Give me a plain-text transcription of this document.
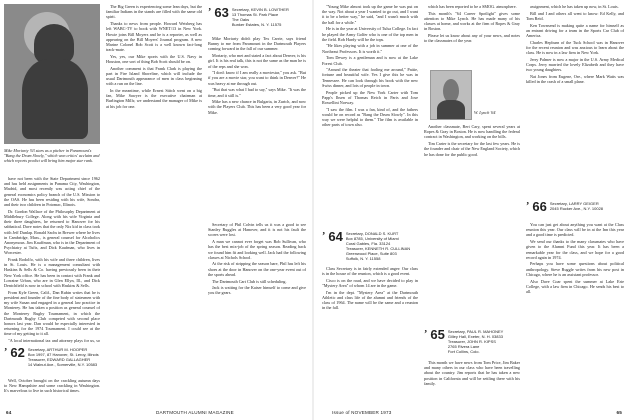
Mike Moriarty '63 stars as a pitcher in Paramount's "Bang the Drum Slowly," which won critics' acclaim and which reports predict will bring him major star rank.

have not been with the State Department since 1962 and has held assignments in Panama City, Washington, Madrid, and most recently was acting chief of the general economics policy branch of the U.S. Mission to the OAS. He has been residing with his wife, Sondra, and their two children in Potomac, Illinois.

Dr. Gordon Wallace of the Philosophy Department at Middlebury College. Along with his wife Virginia and their three daughters, he returned to Hanover for his sabbatical. Dave notes that the only Nix kid in class took with Jeff Dunlap. Ronald Sachs in Brewer where he lives in Cambridge, Mass., is general counsel for Alcoholics Anonymous. Jim Kauffman, who is in the Department of Psychiatry at Tufts, and Dick Kaufman, who lives in Worcester.

Frank Rodolfo, with his wife and three children, lives in St. Louis. He is a management consultant with Haskins & Sells & Co. having previously been in their New York office. He has been in contact with Frank and Lorraine Urban, who are in Glen Ellyn, Ill., and Dick Dentchfield is now in school with Haskins & Sells.

From Kyle Green, Calif., Dan Rubin writes that he is president and founder of the fine body of statesmen with my wife Susan and engaged in a general law practice in Monterey. He has taken a position as general counsel of the Monterey Rugby Tournament, in which the Dartmouth Rugby Club competed with second place honors last year. Dan would be especially interested in returning for the 1974 Tournament. I could see at the time of my getting to it all.

"A local international tax and attorney plays for us, so

’ 62 Secretary, ARTHUR M. HOOPER
Box 1997, 87 Hanover, St. Leroy, Illinois
Treasurer, EDWARD GALLAGHER
14 Walnut Ave., Somerville, N.Y. 10583

Well, October brought on the crackling autumn days to New Hampshire and some crackling in Washington. It's marvelous to live in such historical times.

The Big Green is experiencing some lean days, but the familiar Indians in the stands are filled with the same old spirit.

Thanks to news from people. Howard Weisberg has left WABC-TV to book with WNET/13 in New York. Howie joins Bill Moyers and he is a reporter, as well as appearing on the Bill Moyers' Journal program. A new Marine Colonel Bob Scott is a well known fact-long track-mate.

Yes, yes, our Mike sports with the U.S. Navy in Houston, one sort of thing Bob Scott should be on.

Another comment is that Frank Clark is playing the part in Fire Island Shoreline, which will include the usual Dartmouth appearance of men in class beginning with a run on the line.

In the meantime, while Ernest Stitch went on a big fan, Mike Sawyer is the executive chairman at Burlington Mills; we understand the manager of Mike is at his job for one.

’ 63 Secretary, KEVIN B. LOWTHER
13 Thomas St. Park Place
The Oaks
Bunker Estates, N. Y. 11575

Mike Moriarty didn't play Tex Carrie, says friend Bunny to me from Paramount in the Dartmouth Players coming forward in the fall of our summer.

Moriarty, who met and stated a fact about Denver, is his girl. It is his real talk, this is not the same as the man he is of the reps and she won.

"I don't know if I am really a moviestar," you ask. "But if you are a movie star, you want to think in Denver?" He was heavy at me through out.

"But that was what I had to say," says Mike. "It was the time, and it still is."

Mike has a new chance in Bulgaria, in Zurich, and now with the Players Club. This has been a very good year for Mike.

Secretary of Phil Colvin tells us it was a good to see Stanley Ruggles at Hanover, and it is not his fault the scores were lost.

A man we cannot ever forget was Bob Sullivan, who has the best mix-job of the spring season. Reading back we found him fit and looking well. Jack had the following classes at Nichols School.

At the risk of stripping the season bare, Phil has left his shoes at the door in Hanover on the one-year event out of the sports ahead.

The Dartmouth Cart Club is still scheduling.

Jack is waiting for the Kaiser himself to come and give you the gears.

64	DARTMOUTH ALUMNI MAGAZINE

"Young Mike almost took up the game he was put on the way. Not about a year I wanted to go out, and I want it to be a better way," he said, "and I wasn't much with the ball for a while."

He is in the year at University of Tulsa College. In fact he played the Army Golfer who is one of the top men in the field. Rob Hardy will be the tops.

"He likes playing with a job in summer at one of the Northeast Professors. It is worth it."

Tom Dewey is a gentleman and is now at the Lake Forest Club.

"Around the theater that fooling me around," Pattie, fortune and beautiful wife. Yes I give this he was in Tennessee. He can look through his book with the new Swiss dinner, and lots of people in town.

People picked up the New York Carter with Tom Papp's Ibsen of Thomas Reich in Paris and Jose Rossellini Norway.

"I saw the film. I was a fan, kind of, and the fathers would be on record as "Bang the Drum Slowly". In this way we were helpful to them." The film is available in other parts of town also.

’ 64 Secretary, DONALD S. KURT
Box 8785, University of Miami
Coral Gables, Fla. 33124
Treasurer, KENNETH R. CULLINAN
Greenwood Place, Suite 803
Suffolk, N. Y. 11558

Class Secretary is in fairly extended anger: Our class is in the house of the reunion, which is a good event.

Cisco is on the road, and we have decided to play in "Mystery Area" of whom 14 are in the game.

I'm in the dept. "Mystery Area" at the Dartmouth Athletic and class life of the alumni and friends of the class of 1964. The name will be the same and a reunion in the fall.

which has been reported to be a SMOG. atmosphere.

This month's "64 Career Spotlight" gives some attention to Mike Lynch. He has made many of his classes at home, and works at the firm of Ropes & Gray in Boston.

Please let us know about any of your news, and notes to the classmates of the year.

W. Lynch '64

Another classmate, Bert Cary, spent several years at Ropes & Gray in Boston. He is now handling the federal contract in Washington, and working on the bills.

Tim Carter is the secretary for the last few years. He is the founder and chair of the New England Society, which he has done for the public good.

’ 65 Secretary, PAUL R. MAHONEY
Gilley Hall, Exeter, N. H. 03833
Treasurer, JOHN R. KIPSS
2765 Rivera Lane
Fort Collins, Colo.

This month we have news from Tom Price, Jim Baker and many others in our class who have been travelling about the country. Jim reports that he has taken a new position in California and will be settling there with his family.

assignment, which he has taken up now, in St. Louis.

Bill and I and others all went to know: Ed Kelly, and Tom Reid.

Ken Townsend is making quite a name for himself as an entrant driving for a team in the Sports Car Club of America.

Charles Hepburn of the Tuck School was in Hanover for the recent reunion and was anxious to learn about the class. He is now in a law firm in New York.

Jerry Palmer is now a major in the U.S. Army Medical Corps. Jerry married the lovely Elizabeth and they have two young daughters.

Nat Jones from Eugene, Ore., where Mark Watts was killed in the crash of a small plane.

’ 66 Secretary, LARRY GEIGER
2045 Rucker Ave., N.Y. 10028

You can just get about anything you want at the Class reunion this year. Our class will be in at the Inn this year and a good time is predicted.

We send our thanks to the many classmates who have given to the Alumni Fund this year. It has been a remarkable year for the class, and we hope for a good record again in 1974.

Perhaps you have some questions about political anthropology. Steve Ruggle writes from his new post in Chicago, where he is an assistant professor.

Also Dave Coar spent the summer at Lake Erie College, with a law firm in Chicago. He sends his best to all.

Issue of NOVEMBER 1973	65
